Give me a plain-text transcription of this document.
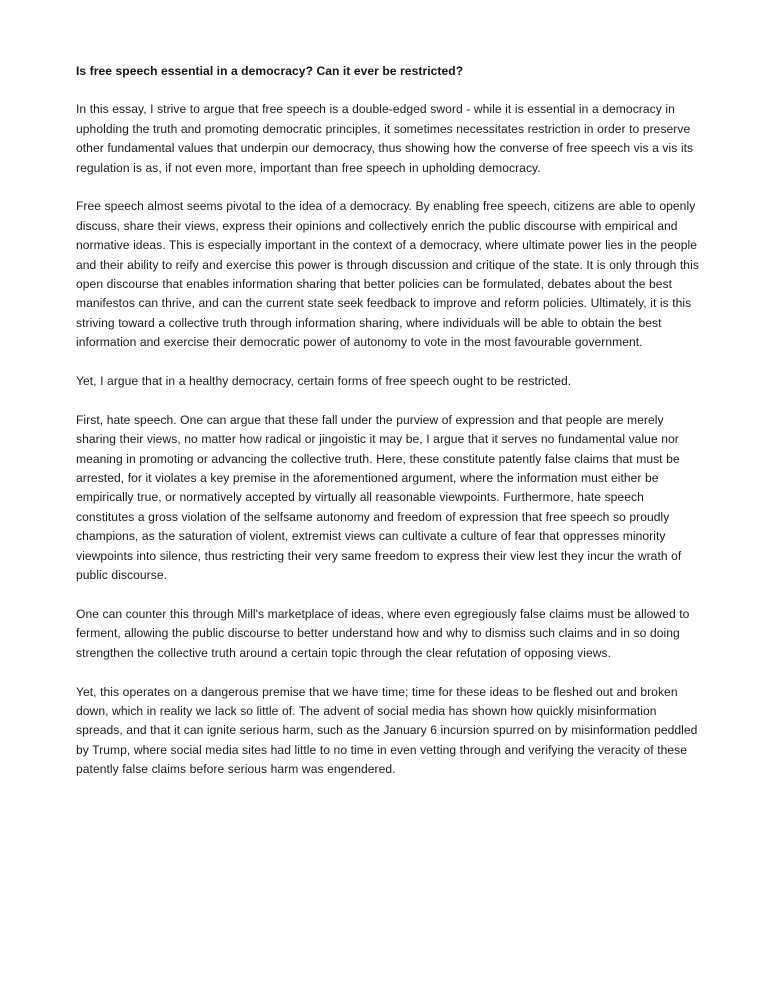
Is free speech essential in a democracy? Can it ever be restricted?

In this essay, I strive to argue that free speech is a double-edged sword - while it is essential in a democracy in upholding the truth and promoting democratic principles, it sometimes necessitates restriction in order to preserve other fundamental values that underpin our democracy, thus showing how the converse of free speech vis a vis its regulation is as, if not even more, important than free speech in upholding democracy.

Free speech almost seems pivotal to the idea of a democracy. By enabling free speech, citizens are able to openly discuss, share their views, express their opinions and collectively enrich the public discourse with empirical and normative ideas. This is especially important in the context of a democracy, where ultimate power lies in the people and their ability to reify and exercise this power is through discussion and critique of the state. It is only through this open discourse that enables information sharing that better policies can be formulated, debates about the best manifestos can thrive, and can the current state seek feedback to improve and reform policies. Ultimately, it is this striving toward a collective truth through information sharing, where individuals will be able to obtain the best information and exercise their democratic power of autonomy to vote in the most favourable government.

Yet, I argue that in a healthy democracy, certain forms of free speech ought to be restricted.

First, hate speech. One can argue that these fall under the purview of expression and that people are merely sharing their views, no matter how radical or jingoistic it may be, I argue that it serves no fundamental value nor meaning in promoting or advancing the collective truth. Here, these constitute patently false claims that must be arrested, for it violates a key premise in the aforementioned argument, where the information must either be empirically true, or normatively accepted by virtually all reasonable viewpoints. Furthermore, hate speech constitutes a gross violation of the selfsame autonomy and freedom of expression that free speech so proudly champions, as the saturation of violent, extremist views can cultivate a culture of fear that oppresses minority viewpoints into silence, thus restricting their very same freedom to express their view lest they incur the wrath of public discourse.

One can counter this through Mill's marketplace of ideas, where even egregiously false claims must be allowed to ferment, allowing the public discourse to better understand how and why to dismiss such claims and in so doing strengthen the collective truth around a certain topic through the clear refutation of opposing views.

Yet, this operates on a dangerous premise that we have time; time for these ideas to be fleshed out and broken down, which in reality we lack so little of. The advent of social media has shown how quickly misinformation spreads, and that it can ignite serious harm, such as the January 6 incursion spurred on by misinformation peddled by Trump, where social media sites had little to no time in even vetting through and verifying the veracity of these patently false claims before serious harm was engendered.
